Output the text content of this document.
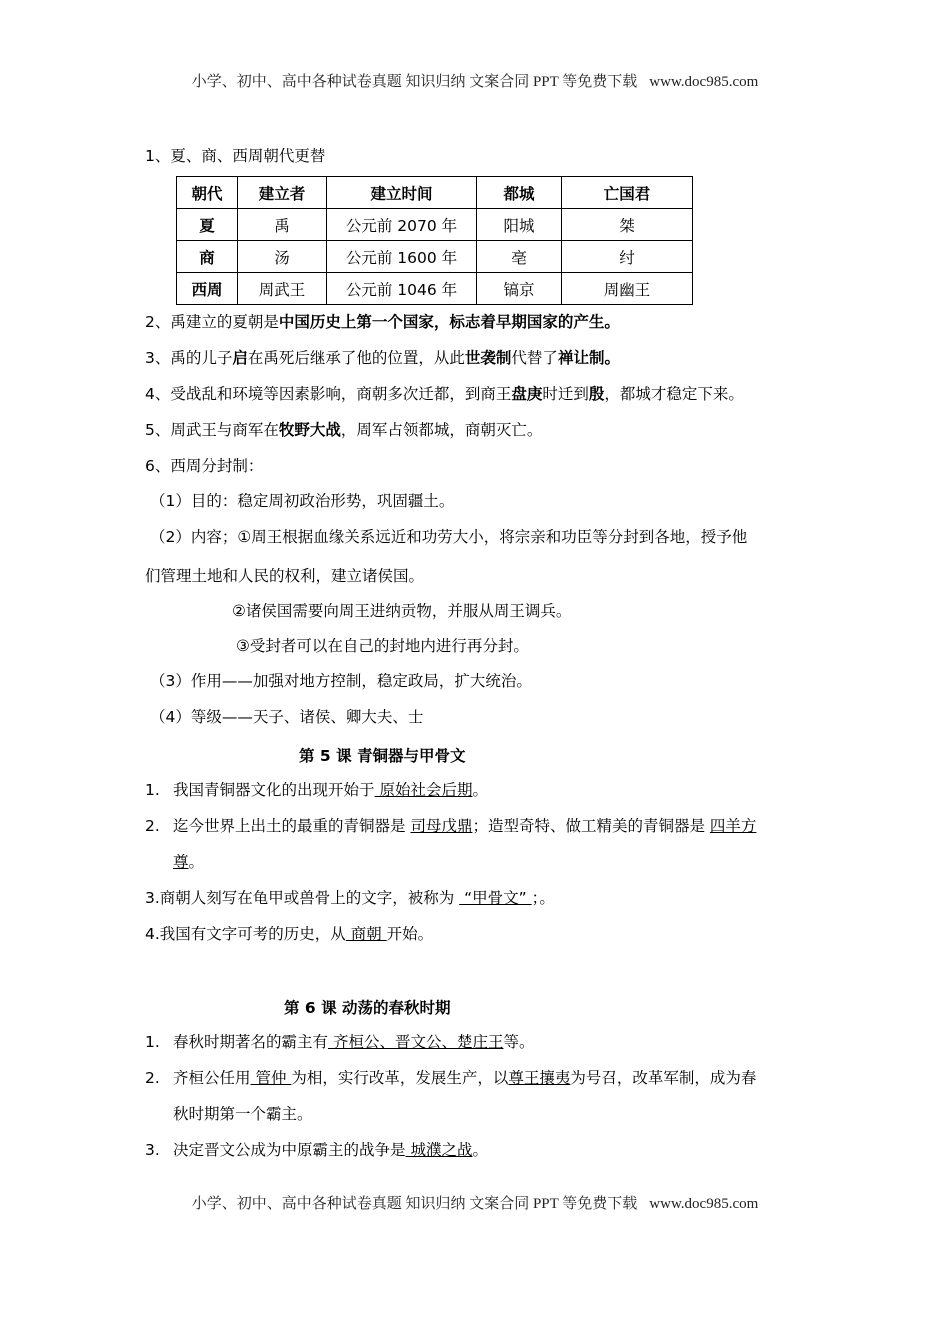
小学、初中、高中各种试卷真题 知识归纳 文案合同 PPT 等免费下载 www.doc985.com
1、夏、商、西周朝代更替
朝代	建立者	建立时间	都城	亡国君
夏	禹	公元前 2070 年	阳城	桀
商	汤	公元前 1600 年	亳	纣
西周	周武王	公元前 1046 年	镐京	周幽王
2、禹建立的夏朝是中国历史上第一个国家，标志着早期国家的产生。
3、禹的儿子启在禹死后继承了他的位置，从此世袭制代替了禅让制。
4、受战乱和环境等因素影响，商朝多次迁都，到商王盘庚时迁到殷，都城才稳定下来。
5、周武王与商军在牧野大战，周军占领都城，商朝灭亡。
6、西周分封制：
（1）目的：稳定周初政治形势，巩固疆土。
（2）内容；①周王根据血缘关系远近和功劳大小，将宗亲和功臣等分封到各地，授予他
们管理土地和人民的权利，建立诸侯国。
②诸侯国需要向周王进纳贡物，并服从周王调兵。
③受封者可以在自己的封地内进行再分封。
（3）作用——加强对地方控制，稳定政局，扩大统治。
（4）等级——天子、诸侯、卿大夫、士
第 5 课 青铜器与甲骨文
1. 我国青铜器文化的出现开始于 原始社会后期。
2. 迄今世界上出土的最重的青铜器是 司母戊鼎；造型奇特、做工精美的青铜器是 四羊方
尊。
3.商朝人刻写在龟甲或兽骨上的文字，被称为  “甲骨文” ；。
4.我国有文字可考的历史，从 商朝 开始。
第 6 课 动荡的春秋时期
1. 春秋时期著名的霸主有 齐桓公、晋文公、楚庄王等。
2. 齐桓公任用 管仲 为相，实行改革，发展生产，以尊王攘夷为号召，改革军制，成为春
秋时期第一个霸主。
3. 决定晋文公成为中原霸主的战争是 城濮之战。
小学、初中、高中各种试卷真题 知识归纳 文案合同 PPT 等免费下载 www.doc985.com
